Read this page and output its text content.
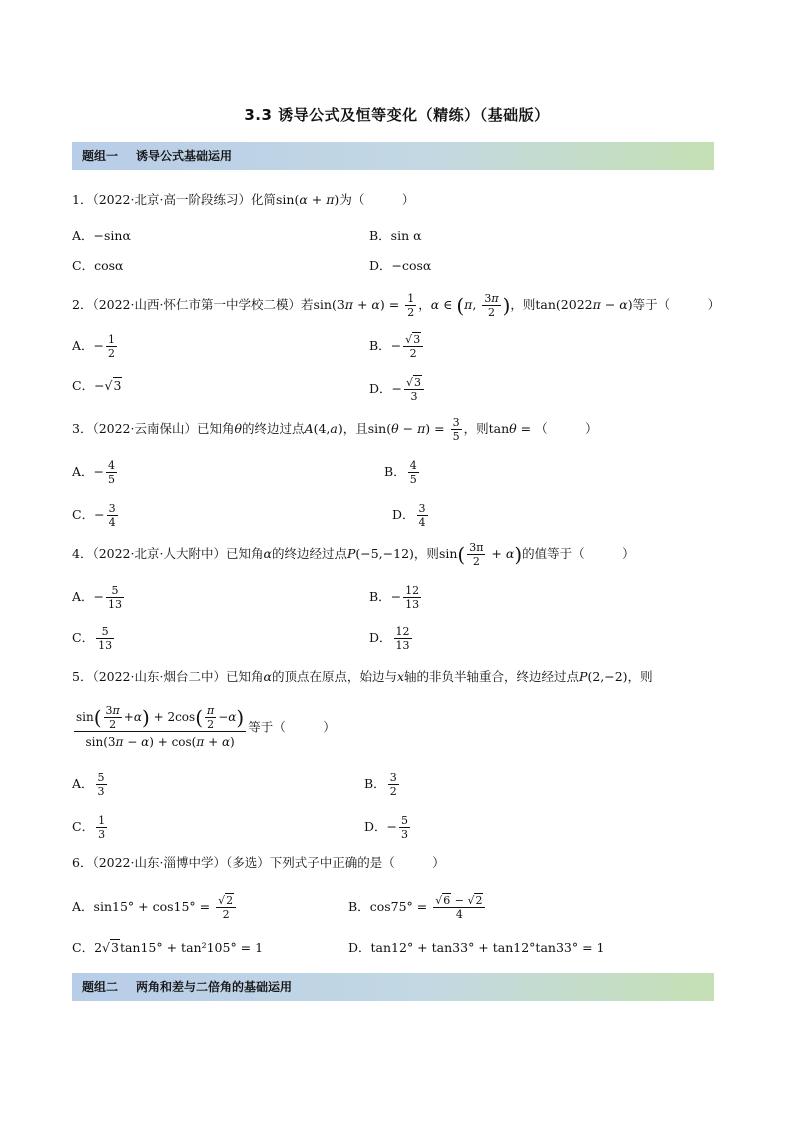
3.3 诱导公式及恒等变化（精练）（基础版）
题组一 诱导公式基础运用
1．（2022·北京·高一阶段练习）化简sin(α + π)为（　　　）
A．−sinα	B．sin α
C．cosα	D．−cosα
2．（2022·山西·怀仁市第一中学校二模）若$\sin(3\pi + \alpha) = \frac{1}{2}$ ，α ∈ (π, $\frac{3\pi}{2}$ )，则tan(2022π − α)等于（　　　）
A．− $\frac{1}{2}$	B．− $\frac{√3}{2}$
C．−√3	D．− $\frac{√3}{3}$
3．（2022·云南保山）已知角θ的终边过点A(4,a)，且$\sin(\theta - \pi) = \frac{3}{5}$ ，则tanθ = （　　　）
A．− $\frac{4}{5}$	B． $\frac{4}{5}$
C．− $\frac{3}{4}$	D． $\frac{3}{4}$
4．（2022·北京·人大附中）已知角α的终边经过点P(−5,−12)，则$\sin( \frac{3\pi}{2} + \alpha)$的值等于（　　　）
A．− $\frac{5}{13}$	B．− $\frac{12}{13}$
C． $\frac{5}{13}$	D． $\frac{12}{13}$
5．（2022·山东·烟台二中）已知角α的顶点在原点，始边与x轴的非负半轴重合，终边经过点P(2,−2)，则
$\frac{\sin( \frac{3\pi}{2} +\alpha) + 2\cos( \frac{\pi}{2} -\alpha)}{\sin(3\pi - \alpha) + \cos(\pi + \alpha)}$ 等于（　　　）
A． $\frac{5}{3}$	B． $\frac{3}{2}$
C． $\frac{1}{3}$	D．− $\frac{5}{3}$
6．（2022·山东·淄博中学）（多选）下列式子中正确的是（　　　）
A．$\sin 15^\circ + \cos 15^\circ = \frac{√2}{2}$	B．$\cos 75^\circ = \frac{√6 - √2}{4}$
C．2√3tan15° + tan²105° = 1	D．tan12° + tan33° + tan12°tan33° = 1
题组二 两角和差与二倍角的基础运用
